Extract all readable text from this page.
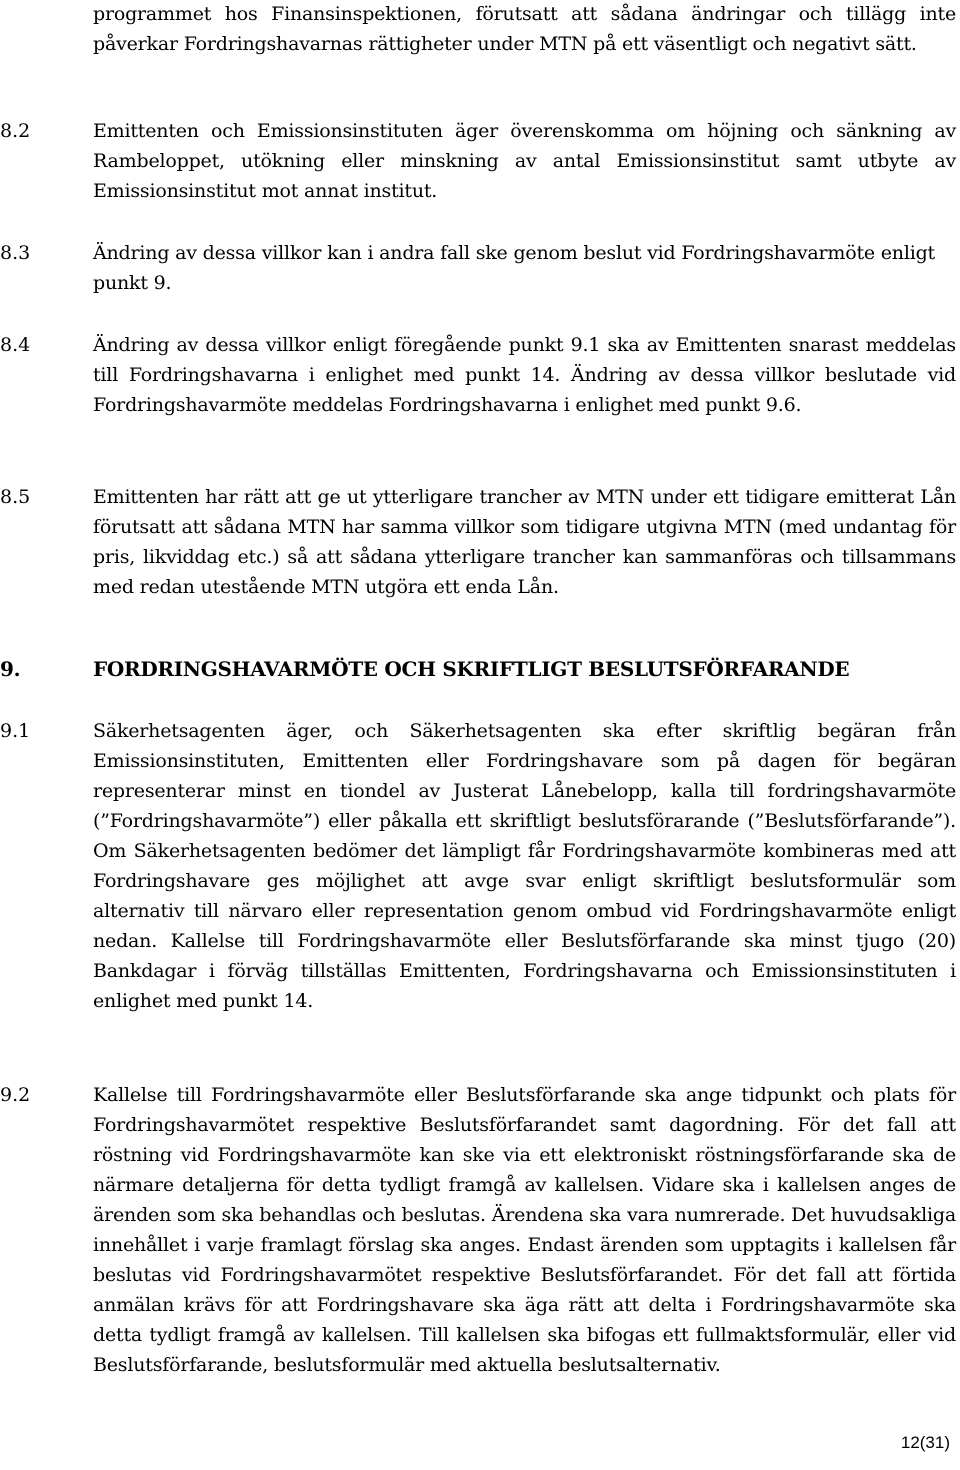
programmet hos Finansinspektionen, förutsatt att sådana ändringar och tillägg inte påverkar Fordringshavarnas rättigheter under MTN på ett väsentligt och negativt sätt.
8.2	Emittenten och Emissionsinstituten äger överenskomma om höjning och sänkning av Rambeloppet, utökning eller minskning av antal Emissionsinstitut samt utbyte av Emissionsinstitut mot annat institut.
8.3	Ändring av dessa villkor kan i andra fall ske genom beslut vid Fordringshavarmöte enligt punkt 9.
8.4	Ändring av dessa villkor enligt föregående punkt 9.1 ska av Emittenten snarast meddelas till Fordringshavarna i enlighet med punkt 14. Ändring av dessa villkor beslutade vid Fordringshavarmöte meddelas Fordringshavarna i enlighet med punkt 9.6.
8.5	Emittenten har rätt att ge ut ytterligare trancher av MTN under ett tidigare emitterat Lån förutsatt att sådana MTN har samma villkor som tidigare utgivna MTN (med undantag för pris, likviddag etc.) så att sådana ytterligare trancher kan sammanföras och tillsammans med redan utestående MTN utgöra ett enda Lån.
9.	FORDRINGSHAVARMÖTE OCH SKRIFTLIGT BESLUTSFÖRFARANDE
9.1	Säkerhetsagenten äger, och Säkerhetsagenten ska efter skriftlig begäran från Emissionsinstituten, Emittenten eller Fordringshavare som på dagen för begäran representerar minst en tiondel av Justerat Lånebelopp, kalla till fordringshavarmöte (”Fordringshavarmöte”) eller påkalla ett skriftligt beslutsförarande (”Beslutsförfarande”). Om Säkerhetsagenten bedömer det lämpligt får Fordringshavarmöte kombineras med att Fordringshavare ges möjlighet att avge svar enligt skriftligt beslutsformulär som alternativ till närvaro eller representation genom ombud vid Fordringshavarmöte enligt nedan. Kallelse till Fordringshavarmöte eller Beslutsförfarande ska minst tjugo (20) Bankdagar i förväg tillställas Emittenten, Fordringshavarna och Emissionsinstituten i enlighet med punkt 14.
9.2	Kallelse till Fordringshavarmöte eller Beslutsförfarande ska ange tidpunkt och plats för Fordringshavarmötet respektive Beslutsförfarandet samt dagordning. För det fall att röstning vid Fordringshavarmöte kan ske via ett elektroniskt röstningsförfarande ska de närmare detaljerna för detta tydligt framgå av kallelsen. Vidare ska i kallelsen anges de ärenden som ska behandlas och beslutas. Ärendena ska vara numrerade. Det huvudsakliga innehållet i varje framlagt förslag ska anges. Endast ärenden som upptagits i kallelsen får beslutas vid Fordringshavarmötet respektive Beslutsförfarandet. För det fall att förtida anmälan krävs för att Fordringshavare ska äga rätt att delta i Fordringshavarmöte ska detta tydligt framgå av kallelsen. Till kallelsen ska bifogas ett fullmaktsformulär, eller vid Beslutsförfarande, beslutsformulär med aktuella beslutsalternativ.
12(31)
